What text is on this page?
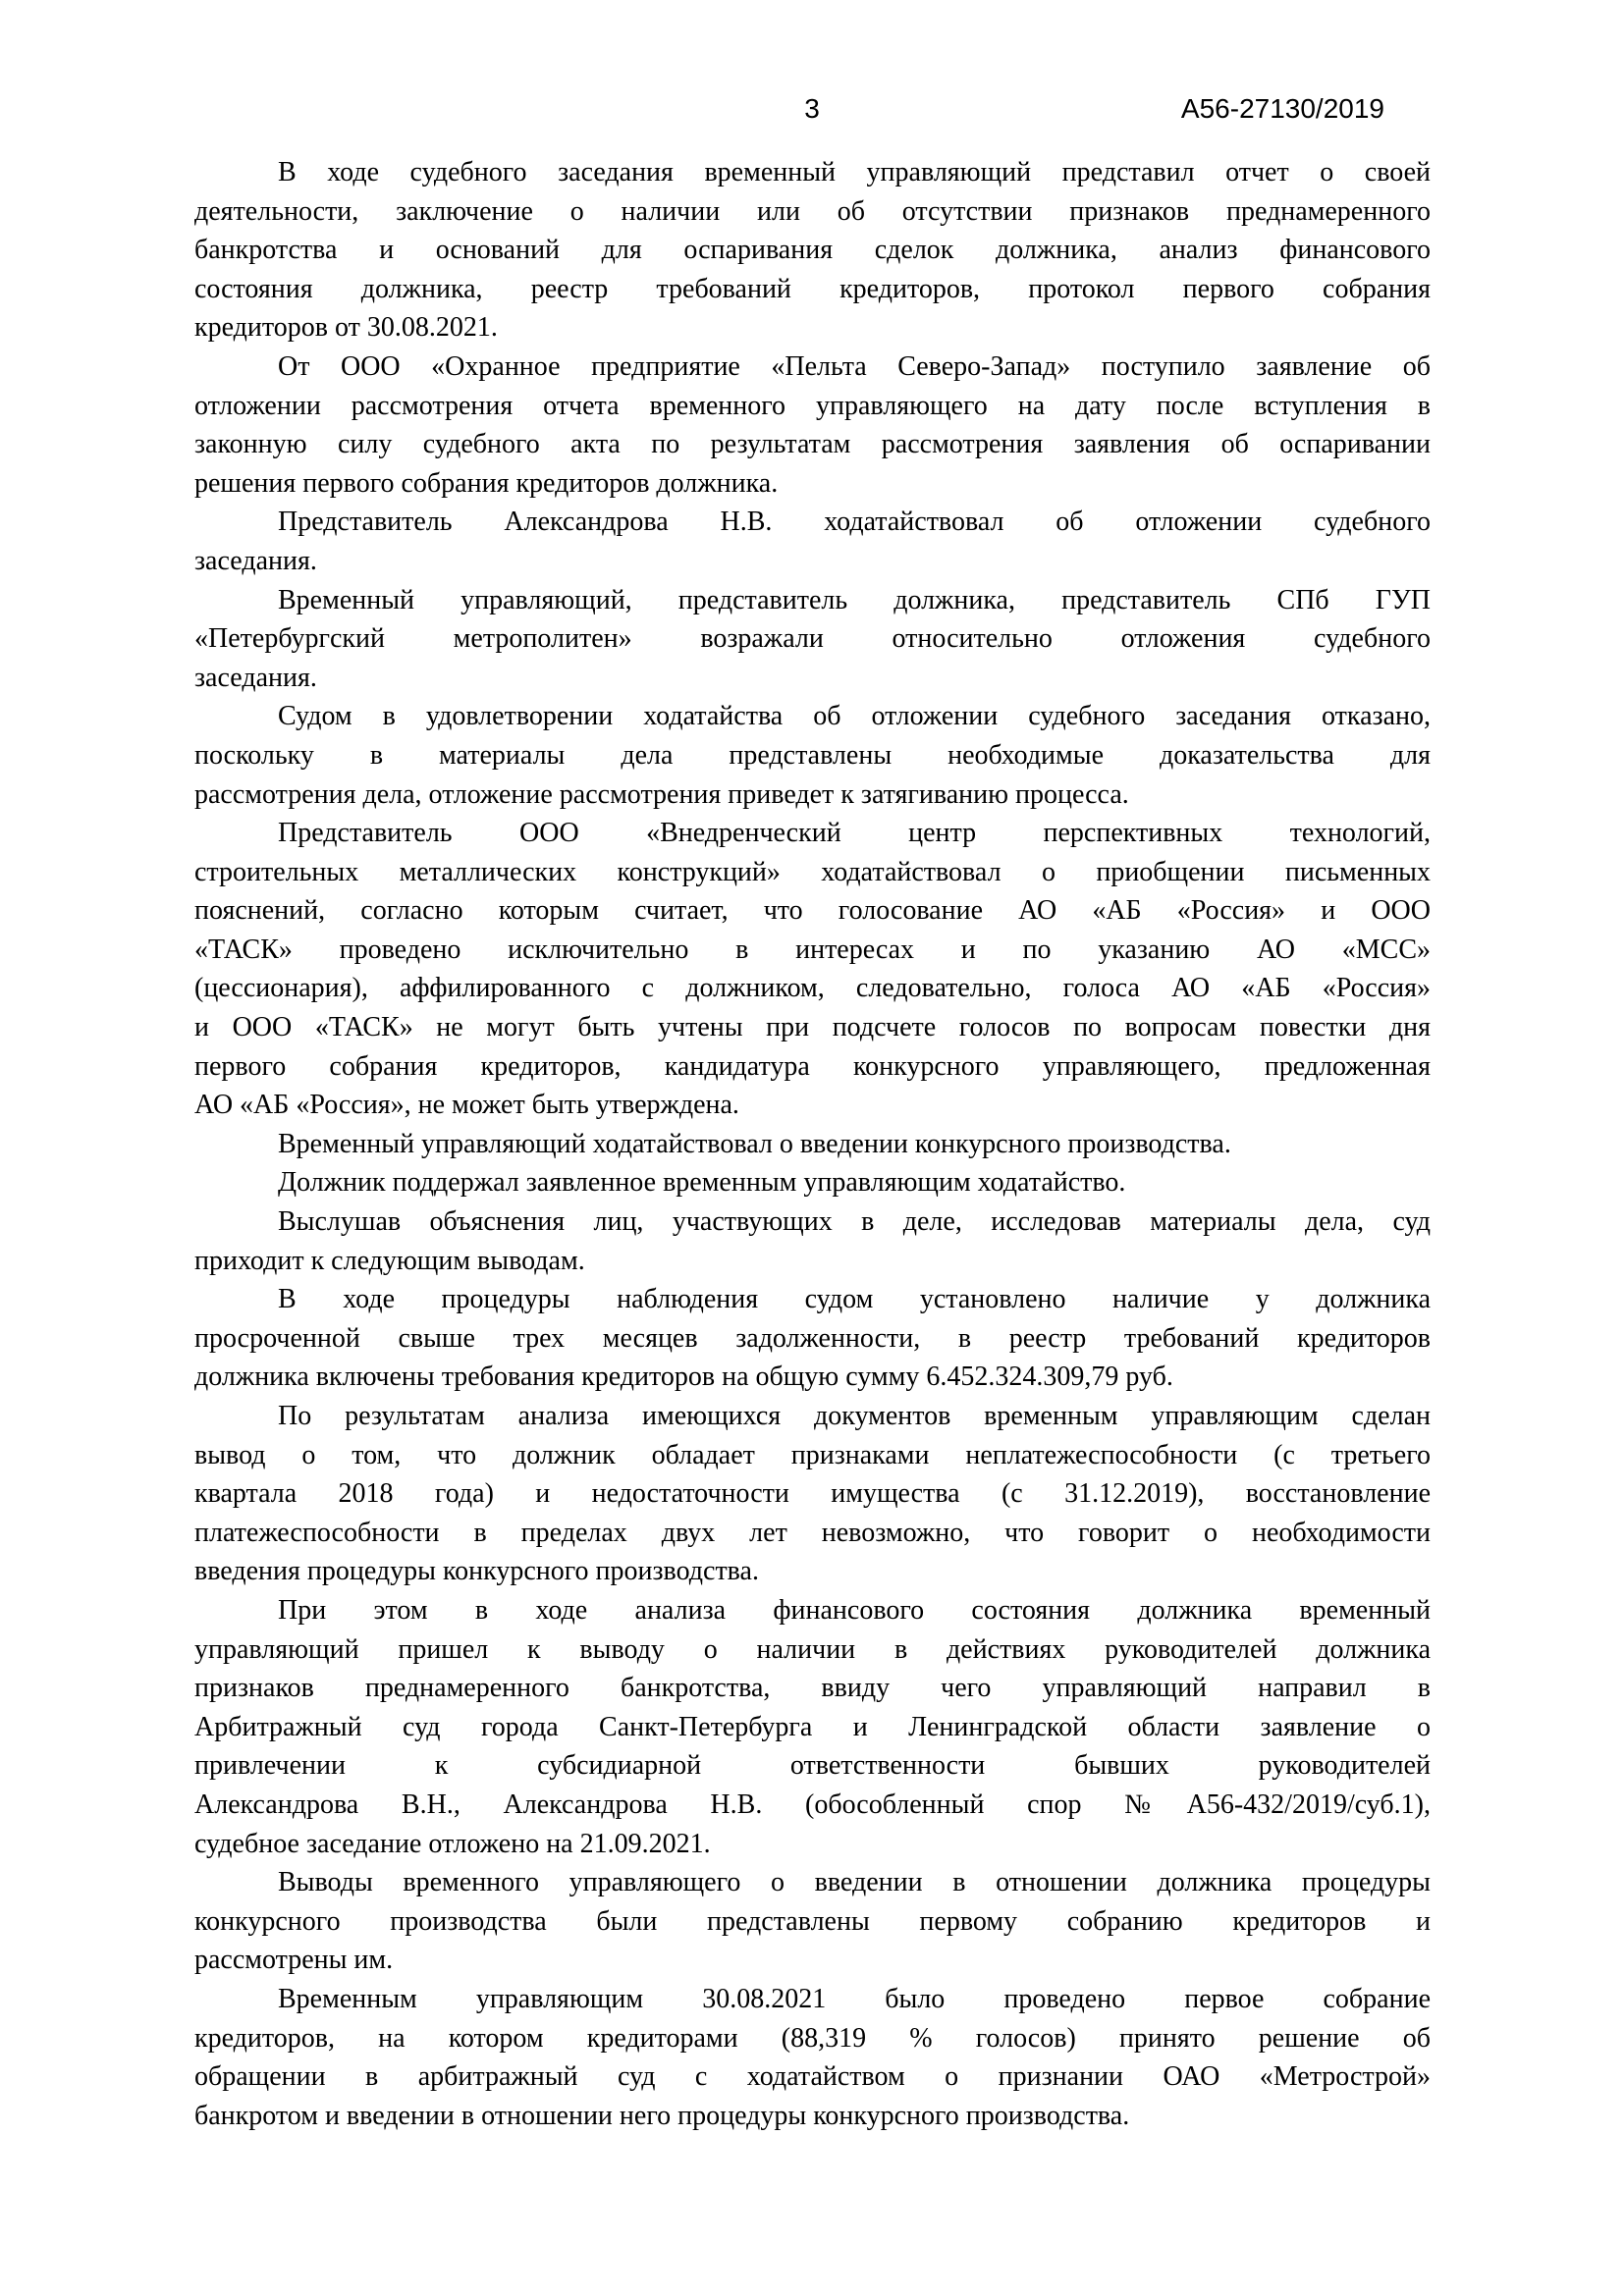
3	А56-27130/2019
В ходе судебного заседания временный управляющий представил отчет о своей
деятельности, заключение о наличии или об отсутствии признаков преднамеренного
банкротства и оснований для оспаривания сделок должника, анализ финансового
состояния должника, реестр требований кредиторов, протокол первого собрания
кредиторов от 30.08.2021.
От ООО «Охранное предприятие «Пельта Северо-Запад» поступило заявление об
отложении рассмотрения отчета временного управляющего на дату после вступления в
законную силу судебного акта по результатам рассмотрения заявления об оспаривании
решения первого собрания кредиторов должника.
Представитель Александрова Н.В. ходатайствовал об отложении судебного
заседания.
Временный управляющий, представитель должника, представитель СПб ГУП
«Петербургский метрополитен» возражали относительно отложения судебного
заседания.
Судом в удовлетворении ходатайства об отложении судебного заседания отказано,
поскольку в материалы дела представлены необходимые доказательства для
рассмотрения дела, отложение рассмотрения приведет к затягиванию процесса.
Представитель ООО «Внедренческий центр перспективных технологий,
строительных металлических конструкций» ходатайствовал о приобщении письменных
пояснений, согласно которым считает, что голосование АО «АБ «Россия» и ООО
«ТАСК» проведено исключительно в интересах и по указанию АО «МСС»
(цессионария), аффилированного с должником, следовательно, голоса АО «АБ «Россия»
и ООО «ТАСК» не могут быть учтены при подсчете голосов по вопросам повестки дня
первого собрания кредиторов, кандидатура конкурсного управляющего, предложенная
АО «АБ «Россия», не может быть утверждена.
Временный управляющий ходатайствовал о введении конкурсного производства.
Должник поддержал заявленное временным управляющим ходатайство.
Выслушав объяснения лиц, участвующих в деле, исследовав материалы дела, суд
приходит к следующим выводам.
В ходе процедуры наблюдения судом установлено наличие у должника
просроченной свыше трех месяцев задолженности, в реестр требований кредиторов
должника включены требования кредиторов на общую сумму 6.452.324.309,79 руб.
По результатам анализа имеющихся документов временным управляющим сделан
вывод о том, что должник обладает признаками неплатежеспособности (с третьего
квартала 2018 года) и недостаточности имущества (с 31.12.2019), восстановление
платежеспособности в пределах двух лет невозможно, что говорит о необходимости
введения процедуры конкурсного производства.
При этом в ходе анализа финансового состояния должника временный
управляющий пришел к выводу о наличии в действиях руководителей должника
признаков преднамеренного банкротства, ввиду чего управляющий направил в
Арбитражный суд города Санкт-Петербурга и Ленинградской области заявление о
привлечении к субсидиарной ответственности бывших руководителей
Александрова В.Н., Александрова Н.В. (обособленный спор №А56-432/2019/суб.1),
судебное заседание отложено на 21.09.2021.
Выводы временного управляющего о введении в отношении должника процедуры
конкурсного производства были представлены первому собранию кредиторов и
рассмотрены им.
Временным управляющим 30.08.2021 было проведено первое собрание
кредиторов, на котором кредиторами (88,319 % голосов) принято решение об
обращении в арбитражный суд с ходатайством о признании ОАО «Метрострой»
банкротом и введении в отношении него процедуры конкурсного производства.
